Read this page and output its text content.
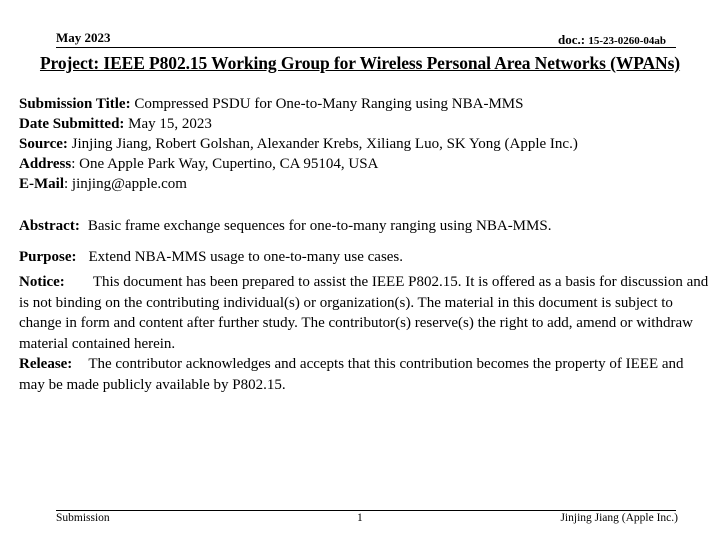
May 2023	doc.: 15-23-0260-04ab
Project: IEEE P802.15 Working Group for Wireless Personal Area Networks (WPANs)
Submission Title: Compressed PSDU for One-to-Many Ranging using NBA-MMS
Date Submitted: May 15, 2023
Source: Jinjing Jiang, Robert Golshan, Alexander Krebs, Xiliang Luo, SK Yong (Apple Inc.)
Address: One Apple Park Way, Cupertino, CA 95104, USA
E-Mail: jinjing@apple.com
Abstract: Basic frame exchange sequences for one-to-many ranging using NBA-MMS.
Purpose: Extend NBA-MMS usage to one-to-many use cases.
Notice: This document has been prepared to assist the IEEE P802.15. It is offered as a basis for discussion and is not binding on the contributing individual(s) or organization(s). The material in this document is subject to change in form and content after further study. The contributor(s) reserve(s) the right to add, amend or withdraw material contained herein.
Release: The contributor acknowledges and accepts that this contribution becomes the property of IEEE and may be made publicly available by P802.15.
Submission	1	Jinjing Jiang (Apple Inc.)
